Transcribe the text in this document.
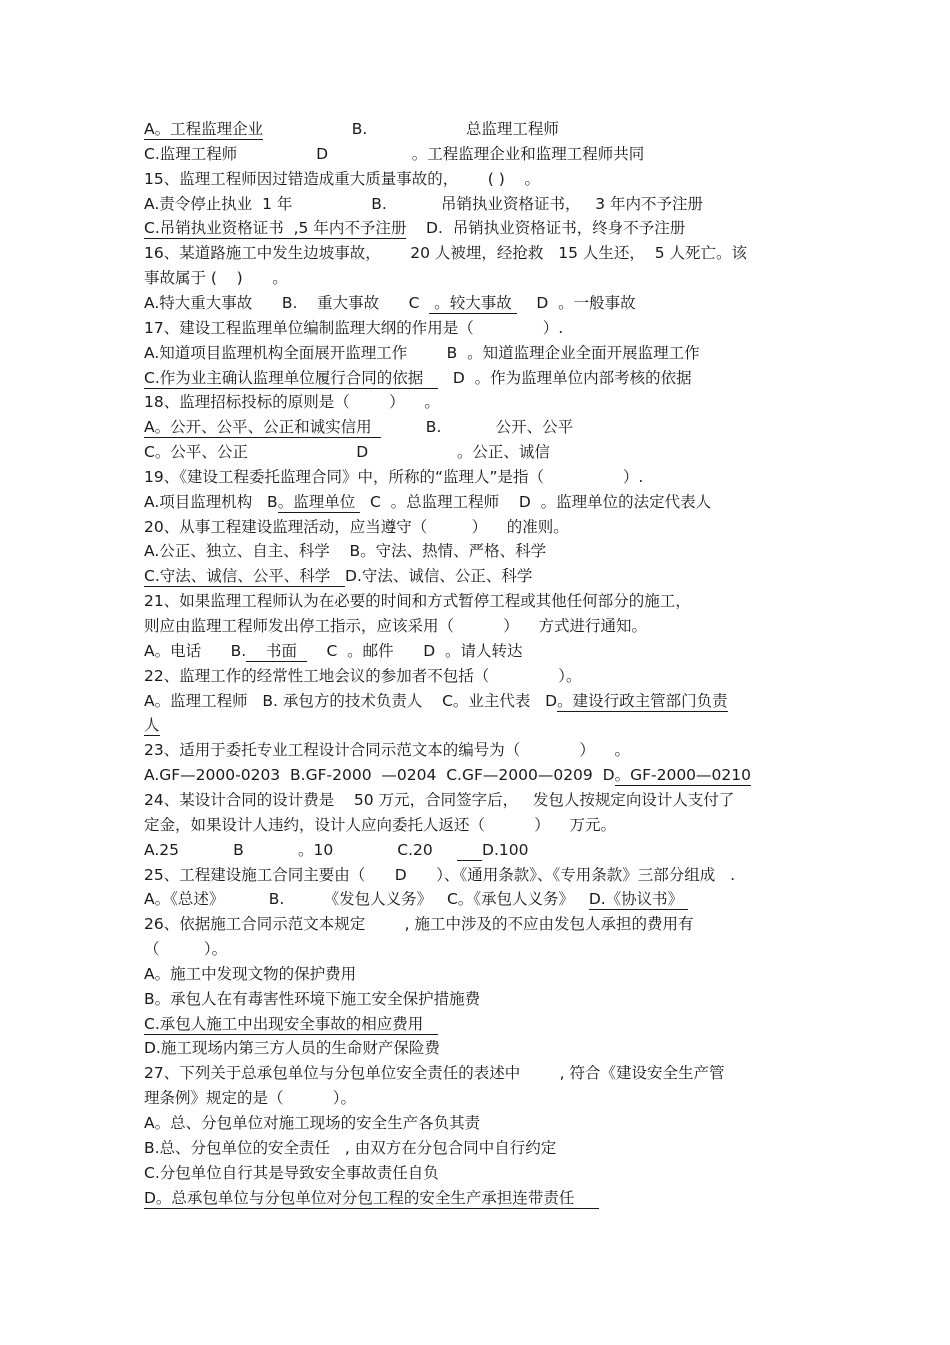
A。工程监理企业                  B.                    总监理工程师
C.监理工程师                D                 。工程监理企业和监理工程师共同
15、监理工程师因过错造成重大质量事故的，      ( )    。
A.责令停止执业  1 年                B.           吊销执业资格证书，   3 年内不予注册
C.吊销执业资格证书  ,5 年内不予注册    D.  吊销执业资格证书，终身不予注册
16、某道路施工中发生边坡事故，      20 人被埋，经抢救   15 人生还，  5 人死亡。该
事故属于 (    )      。
A.特大重大事故      B.    重大事故      C   。较大事故     D  。一般事故
17、建设工程监理单位编制监理大纲的作用是（              ）.
A.知道项目监理机构全面展开监理工作        B  。知道监理企业全面开展监理工作
C.作为业主确认监理单位履行合同的依据      D  。作为监理单位内部考核的依据
18、监理招标投标的原则是（        ）    。
A。公开、公平、公正和诚实信用           B.           公开、公平
C。公平、公正                      D                  。公正、诚信
19、《建设工程委托监理合同》中，所称的“监理人”是指（                ）.
A.项目监理机构   B。监理单位   C  。总监理工程师    D  。监理单位的法定代表人
20、从事工程建设监理活动，应当遵守（         ）    的准则。
A.公正、独立、自主、科学    B。守法、热情、严格、科学
C.守法、诚信、公平、科学   D.守法、诚信、公正、科学
21、如果监理工程师认为在必要的时间和方式暂停工程或其他任何部分的施工，
则应由监理工程师发出停工指示，应该采用（          ）    方式进行通知。
A。电话      B.    书面      C  。邮件      D  。请人转达
22、监理工作的经常性工地会议的参加者不包括（              ）。
A。监理工程师   B. 承包方的技术负责人    C。业主代表   D。建设行政主管部门负责
人
23、适用于委托专业工程设计合同示范文本的编号为（            ）    。
A.GF—2000-0203  B.GF-2000  —0204  C.GF—2000—0209  D。GF-2000—0210
24、某设计合同的设计费是    50 万元，合同签字后，   发包人按规定向设计人支付了
定金，如果设计人违约，设计人应向委托人返还（          ）    万元。
A.25           B           。10             C.20          D.100
25、工程建设施工合同主要由（      D      ）、《通用条款》、《专用条款》三部分组成   .
A。《总述》         B.        《发包人义务》   C。《承包人义务》   D.《协议书》
26、依据施工合同示范文本规定        , 施工中涉及的不应由发包人承担的费用有
（         ）。
A。施工中发现文物的保护费用
B。承包人在有毒害性环境下施工安全保护措施费
C.承包人施工中出现安全事故的相应费用
D.施工现场内第三方人员的生命财产保险费
27、下列关于总承包单位与分包单位安全责任的表述中        , 符合《建设安全生产管
理条例》规定的是（          ）。
A。总、分包单位对施工现场的安全生产各负其责
B.总、分包单位的安全责任   , 由双方在分包合同中自行约定
C.分包单位自行其是导致安全事故责任自负
D。总承包单位与分包单位对分包工程的安全生产承担连带责任
